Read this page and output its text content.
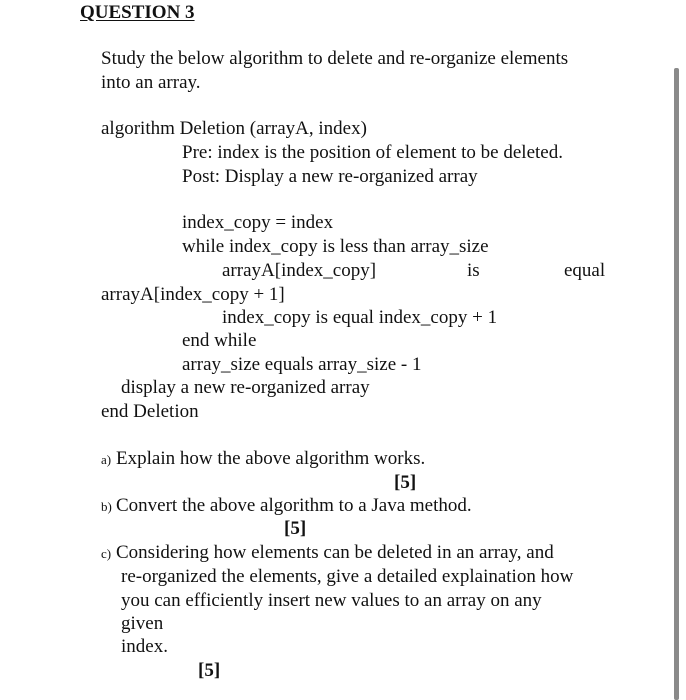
QUESTION 3
Study the below algorithm to delete and re-organize elements
into an array.
algorithm Deletion (arrayA, index)
Pre: index is the position of element to be deleted.
Post: Display a new re-organized array
index_copy = index
while index_copy is less than array_size
arrayA[index_copy]	is	equal
arrayA[index_copy + 1]
index_copy is equal index_copy + 1
end while
array_size equals array_size - 1
display a new re-organized array
end Deletion
a) Explain how the above algorithm works.
[5]
b) Convert the above algorithm to a Java method.
[5]
c) Considering how elements can be deleted in an array, and
re-organized the elements, give a detailed explaination how
you can efficiently insert new values to an array on any
given
index.
[5]
